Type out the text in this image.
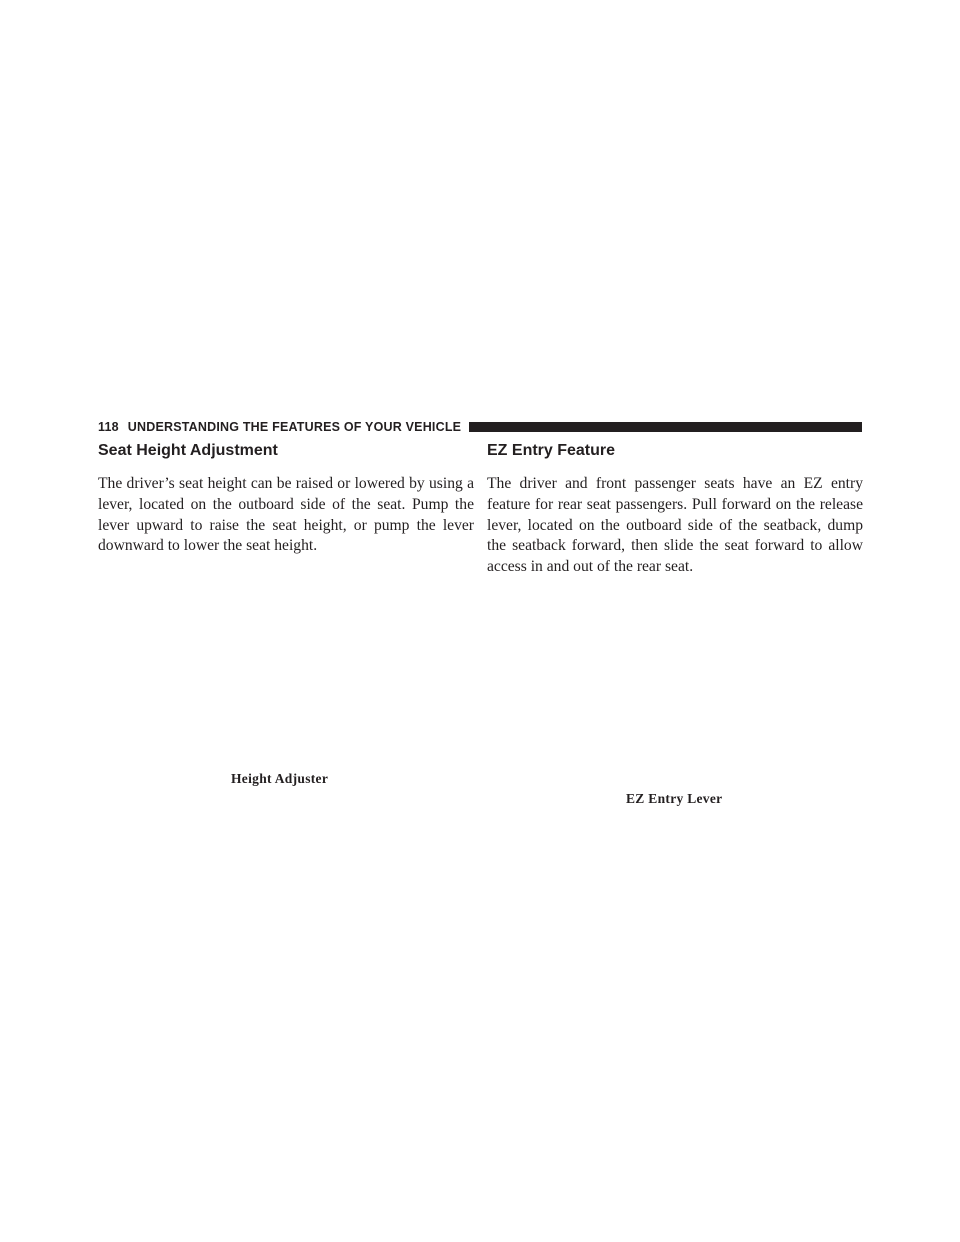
118 UNDERSTANDING THE FEATURES OF YOUR VEHICLE
Seat Height Adjustment

The driver’s seat height can be raised or lowered by using a lever, located on the outboard side of the seat. Pump the lever upward to raise the seat height, or pump the lever downward to lower the seat height.

EZ Entry Feature

The driver and front passenger seats have an EZ entry feature for rear seat passengers. Pull forward on the release lever, located on the outboard side of the seatback, dump the seatback forward, then slide the seat forward to allow access in and out of the rear seat.

Height Adjuster
EZ Entry Lever
